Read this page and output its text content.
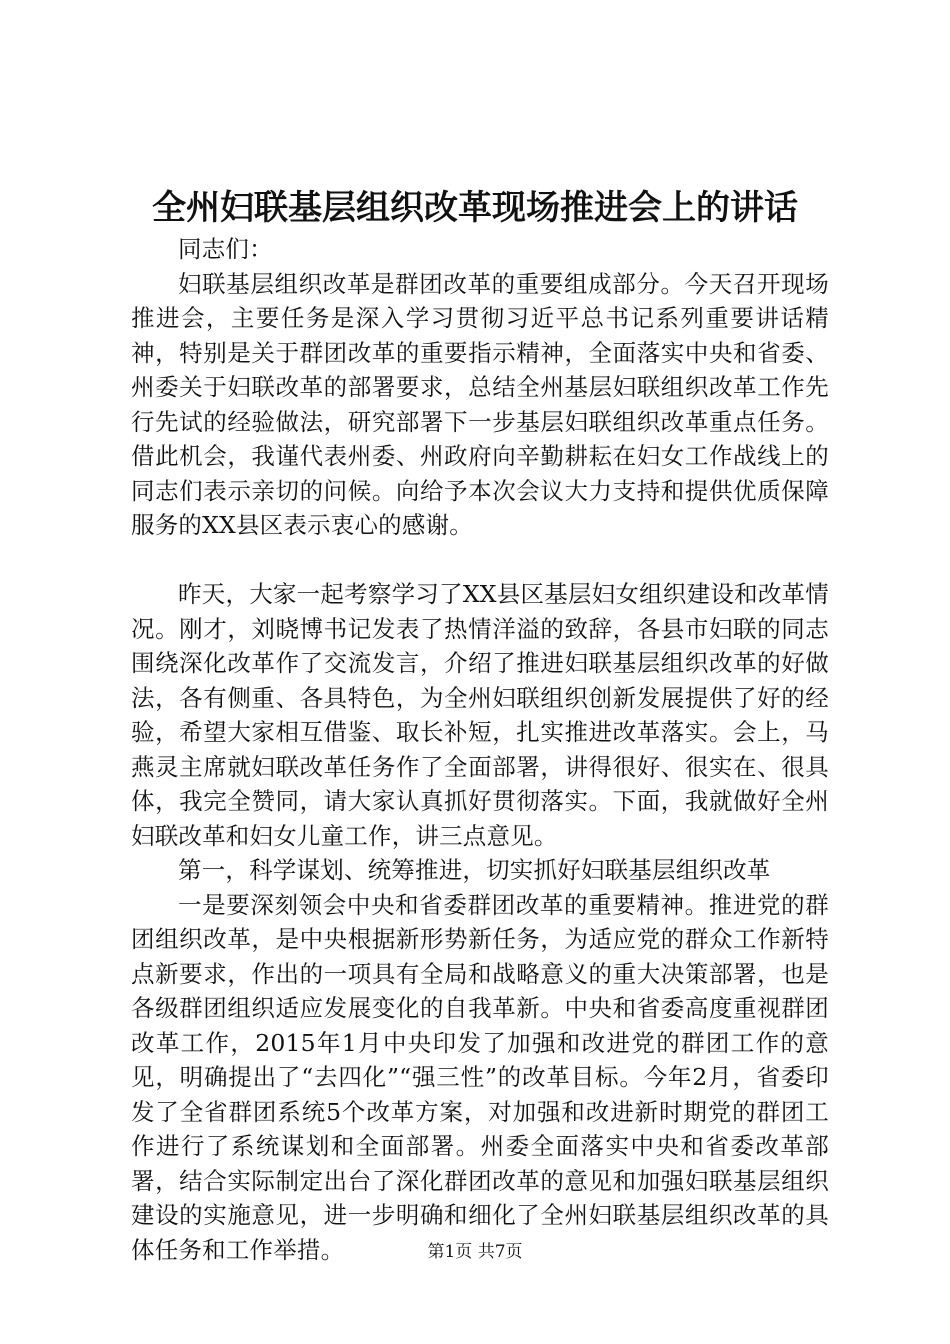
全州妇联基层组织改革现场推进会上的讲话

同志们：

妇联基层组织改革是群团改革的重要组成部分。今天召开现场推进会，主要任务是深入学习贯彻习近平总书记系列重要讲话精神，特别是关于群团改革的重要指示精神，全面落实中央和省委、州委关于妇联改革的部署要求，总结全州基层妇联组织改革工作先行先试的经验做法，研究部署下一步基层妇联组织改革重点任务。借此机会，我谨代表州委、州政府向辛勤耕耘在妇女工作战线上的同志们表示亲切的问候。向给予本次会议大力支持和提供优质保障服务的XX县区表示衷心的感谢。

昨天，大家一起考察学习了XX县区基层妇女组织建设和改革情况。刚才，刘晓博书记发表了热情洋溢的致辞，各县市妇联的同志围绕深化改革作了交流发言，介绍了推进妇联基层组织改革的好做法，各有侧重、各具特色，为全州妇联组织创新发展提供了好的经验，希望大家相互借鉴、取长补短，扎实推进改革落实。会上，马燕灵主席就妇联改革任务作了全面部署，讲得很好、很实在、很具体，我完全赞同，请大家认真抓好贯彻落实。下面，我就做好全州妇联改革和妇女儿童工作，讲三点意见。

第一，科学谋划、统筹推进，切实抓好妇联基层组织改革

一是要深刻领会中央和省委群团改革的重要精神。推进党的群团组织改革，是中央根据新形势新任务，为适应党的群众工作新特点新要求，作出的一项具有全局和战略意义的重大决策部署，也是各级群团组织适应发展变化的自我革新。中央和省委高度重视群团改革工作，2015年1月中央印发了加强和改进党的群团工作的意见，明确提出了“去四化”“强三性”的改革目标。今年2月，省委印发了全省群团系统5个改革方案，对加强和改进新时期党的群团工作进行了系统谋划和全面部署。州委全面落实中央和省委改革部署，结合实际制定出台了深化群团改革的意见和加强妇联基层组织建设的实施意见，进一步明确和细化了全州妇联基层组织改革的具体任务和工作举措。	第1页 共7页
